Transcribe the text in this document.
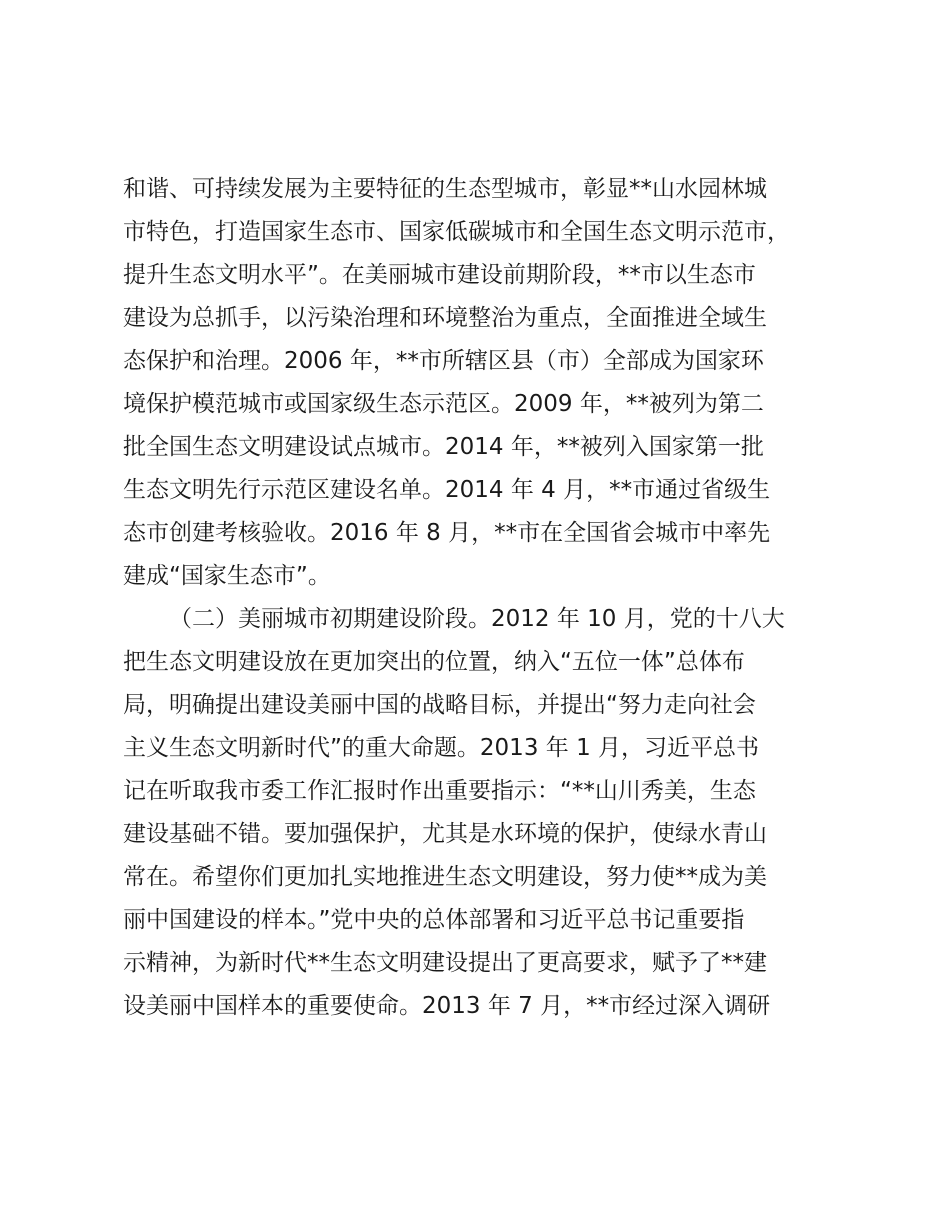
和谐、可持续发展为主要特征的生态型城市，彰显**山水园林城
市特色，打造国家生态市、国家低碳城市和全国生态文明示范市，
提升生态文明水平”。在美丽城市建设前期阶段，**市以生态市
建设为总抓手，以污染治理和环境整治为重点，全面推进全域生
态保护和治理。2006 年，**市所辖区县（市）全部成为国家环
境保护模范城市或国家级生态示范区。2009 年，**被列为第二
批全国生态文明建设试点城市。2014 年，**被列入国家第一批
生态文明先行示范区建设名单。2014 年 4 月，**市通过省级生
态市创建考核验收。2016 年 8 月，**市在全国省会城市中率先
建成“国家生态市”。
（二）美丽城市初期建设阶段。2012 年 10 月，党的十八大
把生态文明建设放在更加突出的位置，纳入“五位一体”总体布
局，明确提出建设美丽中国的战略目标，并提出“努力走向社会
主义生态文明新时代”的重大命题。2013 年 1 月，习近平总书
记在听取我市委工作汇报时作出重要指示：“**山川秀美，生态
建设基础不错。要加强保护，尤其是水环境的保护，使绿水青山
常在。希望你们更加扎实地推进生态文明建设，努力使**成为美
丽中国建设的样本。”党中央的总体部署和习近平总书记重要指
示精神，为新时代**生态文明建设提出了更高要求，赋予了**建
设美丽中国样本的重要使命。2013 年 7 月，**市经过深入调研
